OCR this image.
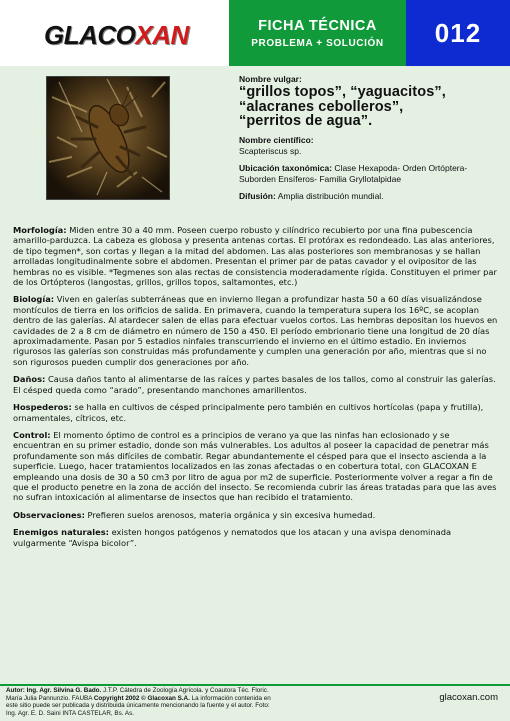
GLACOXAN	FICHA TÉCNICA
PROBLEMA + SOLUCIÓN	012
Nombre vulgar:
“grillos topos”, “yaguacitos”,
“alacranes cebolleros”,
“perritos de agua”.
Nombre científico:
Scapteriscus sp.
Ubicación taxonómica: Clase Hexapoda- Orden Ortóptera- Suborden Ensíferos- Familia Gryllotalpidae
Difusión: Amplia distribución mundial.

Morfología: Miden entre 30 a 40 mm. Poseen cuerpo robusto y cilíndrico recubierto por una fina pubescencia amarillo-parduzca. La cabeza es globosa y presenta antenas cortas. El protórax es redondeado. Las alas anteriores, de tipo tegmen*, son cortas y llegan a la mitad del abdomen. Las alas posteriores son membranosas y se hallan arrolladas longitudinalmente sobre el abdomen. Presentan el primer par de patas cavador y el ovipositor de las hembras no es visible. *Tegmenes son alas rectas de consistencia moderadamente rígida. Constituyen el primer par de los Ortópteros (langostas, grillos, grillos topos, saltamontes, etc.)

Biología: Viven en galerías subterráneas que en invierno llegan a profundizar hasta 50 a 60 días visualizándose montículos de tierra en los orificios de salida. En primavera, cuando la temperatura supera los 16ºC, se acoplan dentro de las galerías. Al atardecer salen de ellas para efectuar vuelos cortos. Las hembras depositan los huevos en cavidades de 2 a 8 cm de diámetro en número de 150 a 450. El período embrionario tiene una longitud de 20 días aproximadamente. Pasan por 5 estadios ninfales transcurriendo el invierno en el último estadio. En inviernos rigurosos las galerías son construidas más profundamente y cumplen una generación por año, mientras que si no son rigurosos pueden cumplir dos generaciones por año.

Daños: Causa daños tanto al alimentarse de las raíces y partes basales de los tallos, como al construir las galerías. El césped queda como “arado”, presentando manchones amarillentos.

Hospederos: se halla en cultivos de césped principalmente pero también en cultivos hortícolas (papa y frutilla), ornamentales, cítricos, etc.

Control: El momento óptimo de control es a principios de verano ya que las ninfas han eclosionado y se encuentran en su primer estadio, donde son más vulnerables. Los adultos al poseer la capacidad de penetrar más profundamente son más difíciles de combatir. Regar abundantemente el césped para que el insecto ascienda a la superficie. Luego, hacer tratamientos localizados en las zonas afectadas o en cobertura total, con GLACOXAN E empleando una dosis de 30 a 50 cm3 por litro de agua por m2 de superficie. Posteriormente volver a regar a fin de que el producto penetre en la zona de acción del insecto. Se recomienda cubrir las áreas tratadas para que las aves no sufran intoxicación al alimentarse de insectos que han recibido el tratamiento.

Observaciones: Prefieren suelos arenosos, materia orgánica y sin excesiva humedad.

Enemigos naturales: existen hongos patógenos y nematodos que los atacan y una avispa denominada vulgarmente “Avispa bicolor”.

Autor: Ing. Agr. Silvina G. Bado. J.T.P. Cátedra de Zoología Agrícola. y Coautora Téc. Floric.
María Julia Pannunzio. FAUBA Copyright 2002 © Glacoxan S.A. La información contenida en
este sitio puede ser publicada y distribuida únicamente mencionando la fuente y el autor. Foto:
Ing. Agr. E. D. Saini INTA CASTELAR, Bs. As.
glacoxan.com
